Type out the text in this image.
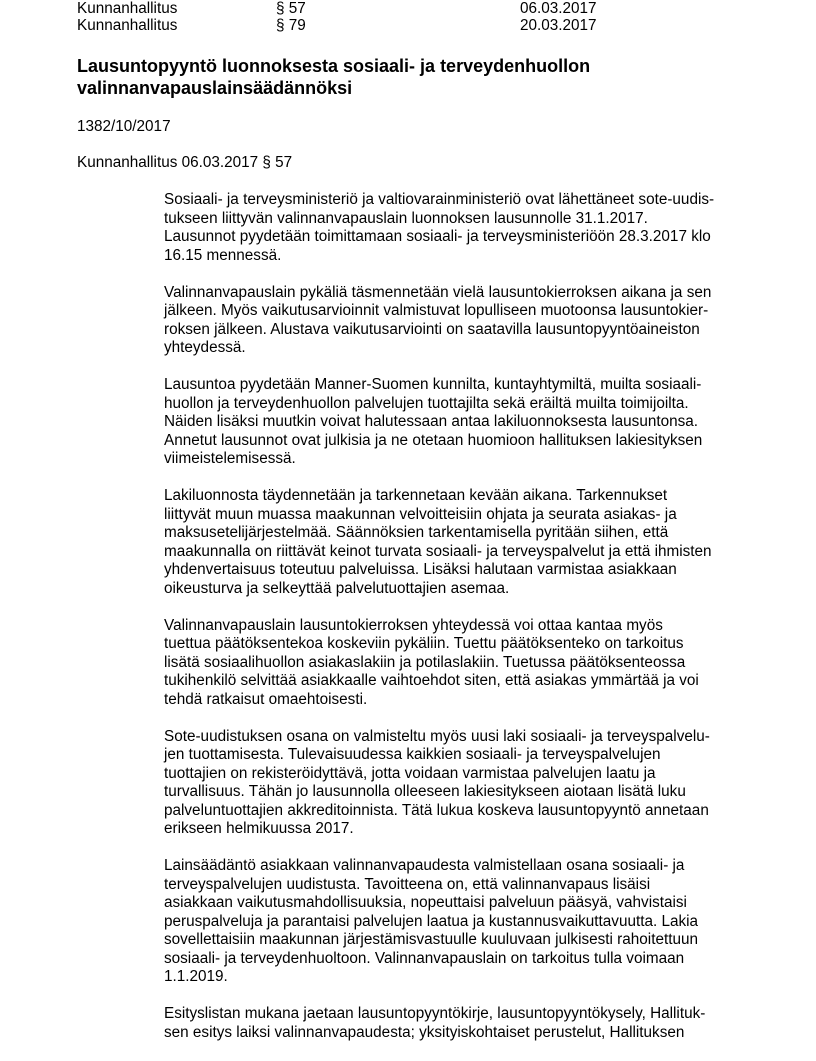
Kunnanhallitus	§ 57	06.03.2017
Kunnanhallitus	§ 79	20.03.2017
Lausuntopyyntö luonnoksesta sosiaali- ja terveydenhuollon
valinnanvapauslainsäädännöksi
1382/10/2017
Kunnanhallitus 06.03.2017 § 57

Sosiaali- ja terveysministeriö ja valtiovarainministeriö ovat lähettäneet sote-uudis-
tukseen liittyvän valinnanvapauslain luonnoksen lausunnolle 31.1.2017.
Lausunnot pyydetään toimittamaan sosiaali- ja terveysministeriöön 28.3.2017 klo
16.15 mennessä.

Valinnanvapauslain pykäliä täsmennetään vielä lausuntokierroksen aikana ja sen
jälkeen. Myös vaikutusarvioinnit valmistuvat lopulliseen muotoonsa lausuntokier-
roksen jälkeen. Alustava vaikutusarviointi on saatavilla lausuntopyyntöaineiston
yhteydessä.

Lausuntoa pyydetään Manner-Suomen kunnilta, kuntayhtymiltä, muilta sosiaali-
huollon ja terveydenhuollon palvelujen tuottajilta sekä eräiltä muilta toimijoilta.
Näiden lisäksi muutkin voivat halutessaan antaa lakiluonnoksesta lausuntonsa.
Annetut lausunnot ovat julkisia ja ne otetaan huomioon hallituksen lakiesityksen
viimeistelemisessä.

Lakiluonnosta täydennetään ja tarkennetaan kevään aikana. Tarkennukset
liittyvät muun muassa maakunnan velvoitteisiin ohjata ja seurata asiakas- ja
maksusetelijärjestelmää. Säännöksien tarkentamisella pyritään siihen, että
maakunnalla on riittävät keinot turvata sosiaali- ja terveyspalvelut ja että ihmisten
yhdenvertaisuus toteutuu palveluissa. Lisäksi halutaan varmistaa asiakkaan
oikeusturva ja selkeyttää palvelutuottajien asemaa.

Valinnanvapauslain lausuntokierroksen yhteydessä voi ottaa kantaa myös
tuettua päätöksentekoa koskeviin pykäliin. Tuettu päätöksenteko on tarkoitus
lisätä sosiaalihuollon asiakaslakiin ja potilaslakiin. Tuetussa päätöksenteossa
tukihenkilö selvittää asiakkaalle vaihtoehdot siten, että asiakas ymmärtää ja voi
tehdä ratkaisut omaehtoisesti.

Sote-uudistuksen osana on valmisteltu myös uusi laki sosiaali- ja terveyspalvelu-
jen tuottamisesta. Tulevaisuudessa kaikkien sosiaali- ja terveyspalvelujen
tuottajien on rekisteröidyttävä, jotta voidaan varmistaa palvelujen laatu ja
turvallisuus. Tähän jo lausunnolla olleeseen lakiesitykseen aiotaan lisätä luku
palveluntuottajien akkreditoinnista. Tätä lukua koskeva lausuntopyyntö annetaan
erikseen helmikuussa 2017.

Lainsäädäntö asiakkaan valinnanvapaudesta valmistellaan osana sosiaali- ja
terveyspalvelujen uudistusta. Tavoitteena on, että valinnanvapaus lisäisi
asiakkaan vaikutusmahdollisuuksia, nopeuttaisi palveluun pääsyä, vahvistaisi
peruspalveluja ja parantaisi palvelujen laatua ja kustannusvaikuttavuutta. Lakia
sovellettaisiin maakunnan järjestämisvastuulle kuuluvaan julkisesti rahoitettuun
sosiaali- ja terveydenhuoltoon. Valinnanvapauslain on tarkoitus tulla voimaan
1.1.2019.

Esityslistan mukana jaetaan lausuntopyyntökirje, lausuntopyyntökysely, Hallituk-
sen esitys laiksi valinnanvapaudesta; yksityiskohtaiset perustelut, Hallituksen
